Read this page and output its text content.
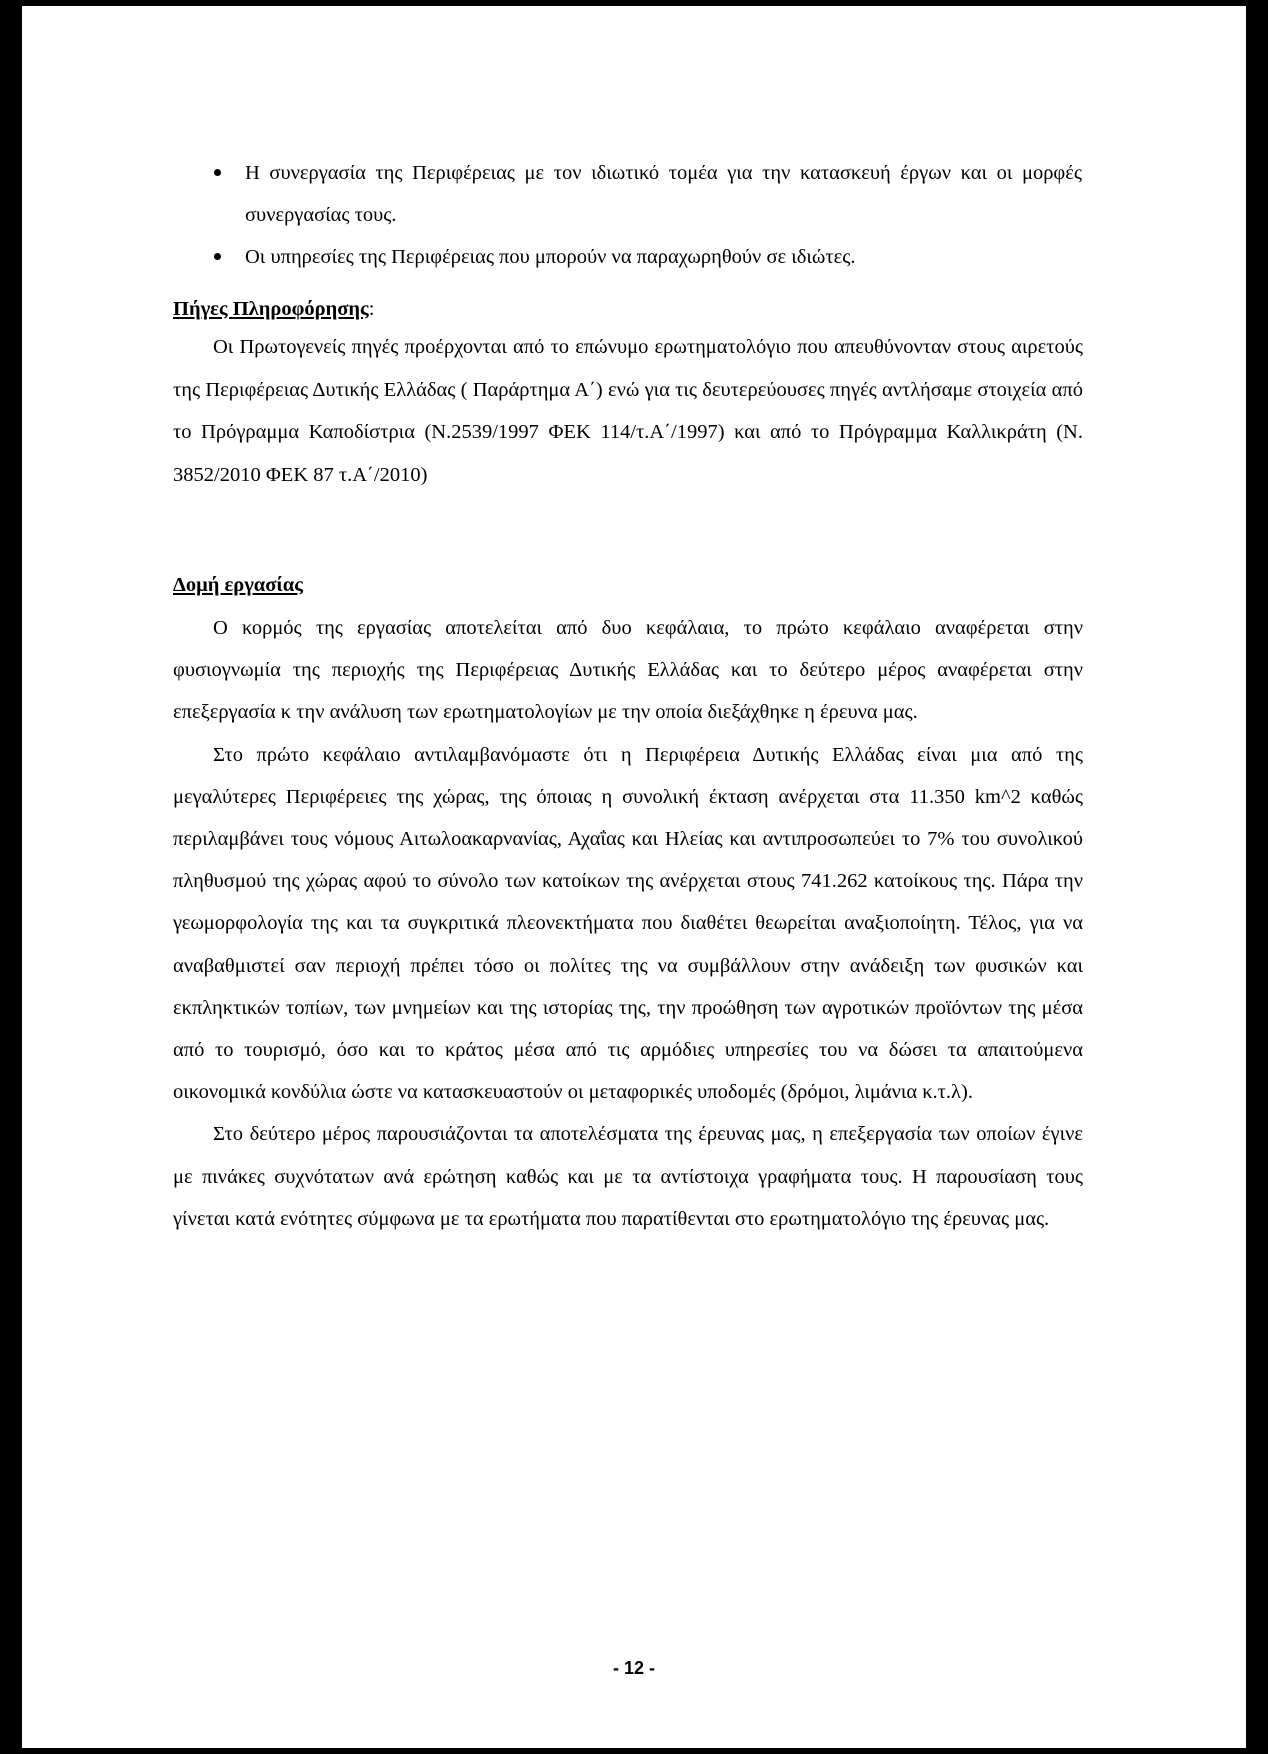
Η συνεργασία της Περιφέρειας με τον ιδιωτικό τομέα για την κατασκευή έργων και οι μορφές συνεργασίας τους.
Οι υπηρεσίες της Περιφέρειας που μπορούν να παραχωρηθούν σε ιδιώτες.
Πήγες Πληροφόρησης:

Οι Πρωτογενείς πηγές προέρχονται από το επώνυμο ερωτηματολόγιο που απευθύνονταν στους αιρετούς της Περιφέρειας Δυτικής Ελλάδας ( Παράρτημα Α΄) ενώ για τις δευτερεύουσες πηγές αντλήσαμε στοιχεία από το Πρόγραμμα Καποδίστρια (Ν.2539/1997 ΦΕΚ 114/τ.Α΄/1997) και από το Πρόγραμμα Καλλικράτη (Ν. 3852/2010 ΦΕΚ 87 τ.Α΄/2010)

Δομή εργασίας

Ο κορμός της εργασίας αποτελείται από δυο κεφάλαια, το πρώτο κεφάλαιο αναφέρεται στην φυσιογνωμία της περιοχής της Περιφέρειας Δυτικής Ελλάδας και το δεύτερο μέρος αναφέρεται στην επεξεργασία κ την ανάλυση των ερωτηματολογίων με την οποία διεξάχθηκε η έρευνα μας.

Στο πρώτο κεφάλαιο αντιλαμβανόμαστε ότι η Περιφέρεια Δυτικής Ελλάδας είναι μια από της μεγαλύτερες Περιφέρειες της χώρας, της όποιας η συνολική έκταση ανέρχεται στα 11.350 km^2 καθώς περιλαμβάνει τους νόμους Αιτωλοακαρνανίας, Αχαΐας και Ηλείας και αντιπροσωπεύει το 7% του συνολικού πληθυσμού της χώρας αφού το σύνολο των κατοίκων της ανέρχεται στους 741.262 κατοίκους της. Πάρα την γεωμορφολογία της και τα συγκριτικά πλεονεκτήματα που διαθέτει θεωρείται αναξιοποίητη. Τέλος, για να αναβαθμιστεί σαν περιοχή πρέπει τόσο οι πολίτες της να συμβάλλουν στην ανάδειξη των φυσικών και εκπληκτικών τοπίων, των μνημείων και της ιστορίας της, την προώθηση των αγροτικών προϊόντων της μέσα από το τουρισμό, όσο και το κράτος μέσα από τις αρμόδιες υπηρεσίες του να δώσει τα απαιτούμενα οικονομικά κονδύλια ώστε να κατασκευαστούν οι μεταφορικές υποδομές (δρόμοι, λιμάνια κ.τ.λ).

Στο δεύτερο μέρος παρουσιάζονται τα αποτελέσματα της έρευνας μας, η επεξεργασία των οποίων έγινε με πινάκες συχνότατων ανά ερώτηση καθώς και με τα αντίστοιχα γραφήματα τους. Η παρουσίαση τους γίνεται κατά ενότητες σύμφωνα με τα ερωτήματα που παρατίθενται στο ερωτηματολόγιο της έρευνας μας.

- 12 -
